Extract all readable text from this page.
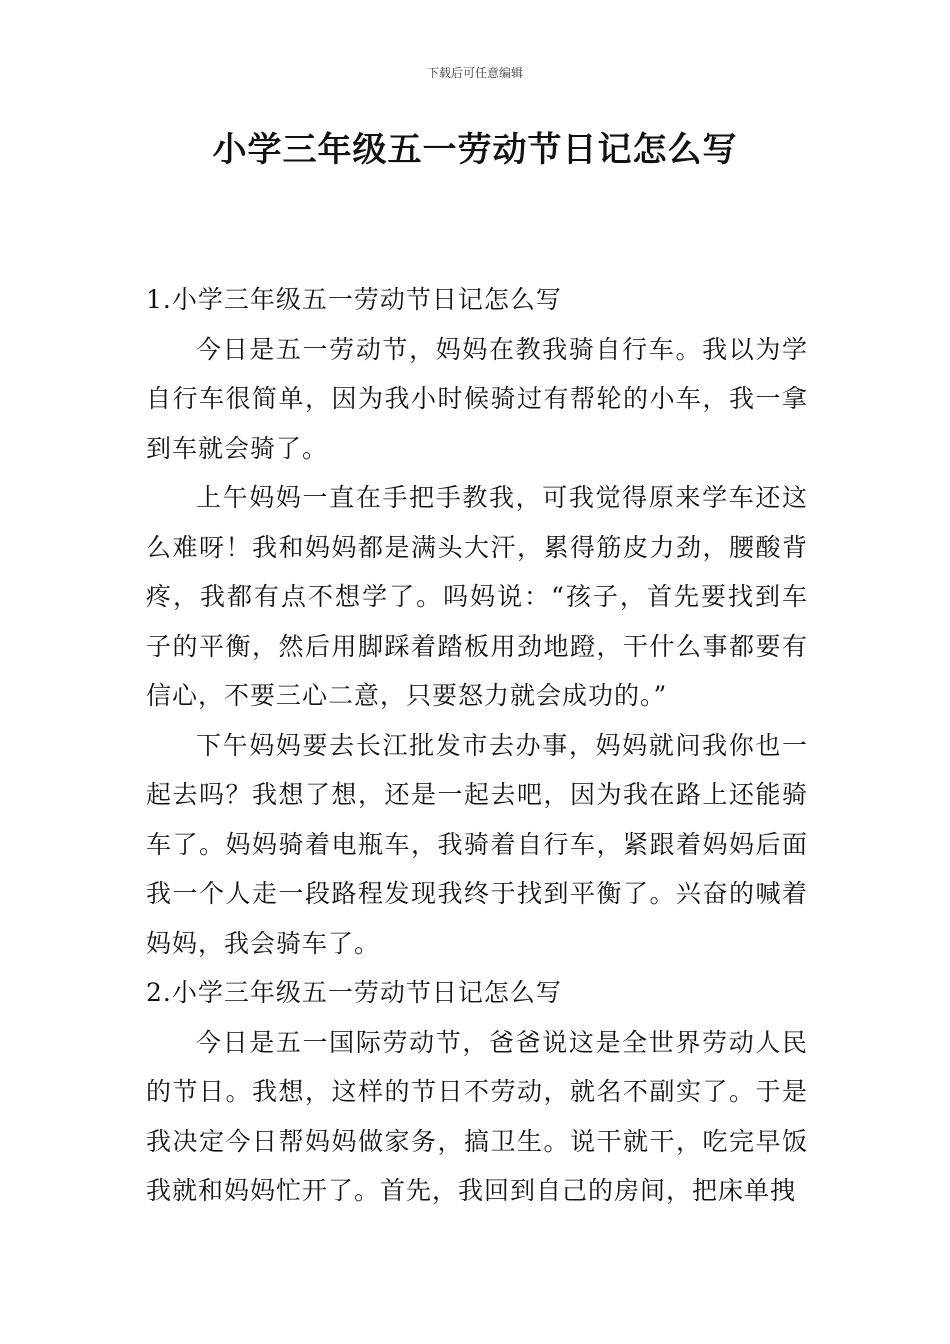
下载后可任意编辑
小学三年级五一劳动节日记怎么写
1.小学三年级五一劳动节日记怎么写

今日是五一劳动节，妈妈在教我骑自行车。我以为学自行车很简单，因为我小时候骑过有帮轮的小车，我一拿到车就会骑了。

上午妈妈一直在手把手教我，可我觉得原来学车还这么难呀！我和妈妈都是满头大汗，累得筋皮力劲，腰酸背疼，我都有点不想学了。吗妈说：“孩子，首先要找到车子的平衡，然后用脚踩着踏板用劲地蹬，干什么事都要有信心，不要三心二意，只要怒力就会成功的。”

下午妈妈要去长江批发市去办事，妈妈就问我你也一起去吗？我想了想，还是一起去吧，因为我在路上还能骑车了。妈妈骑着电瓶车，我骑着自行车，紧跟着妈妈后面我一个人走一段路程发现我终于找到平衡了。兴奋的喊着妈妈，我会骑车了。

2.小学三年级五一劳动节日记怎么写

今日是五一国际劳动节，爸爸说这是全世界劳动人民的节日。我想，这样的节日不劳动，就名不副实了。于是我决定今日帮妈妈做家务，搞卫生。说干就干，吃完早饭我就和妈妈忙开了。首先，我回到自己的房间，把床单拽
